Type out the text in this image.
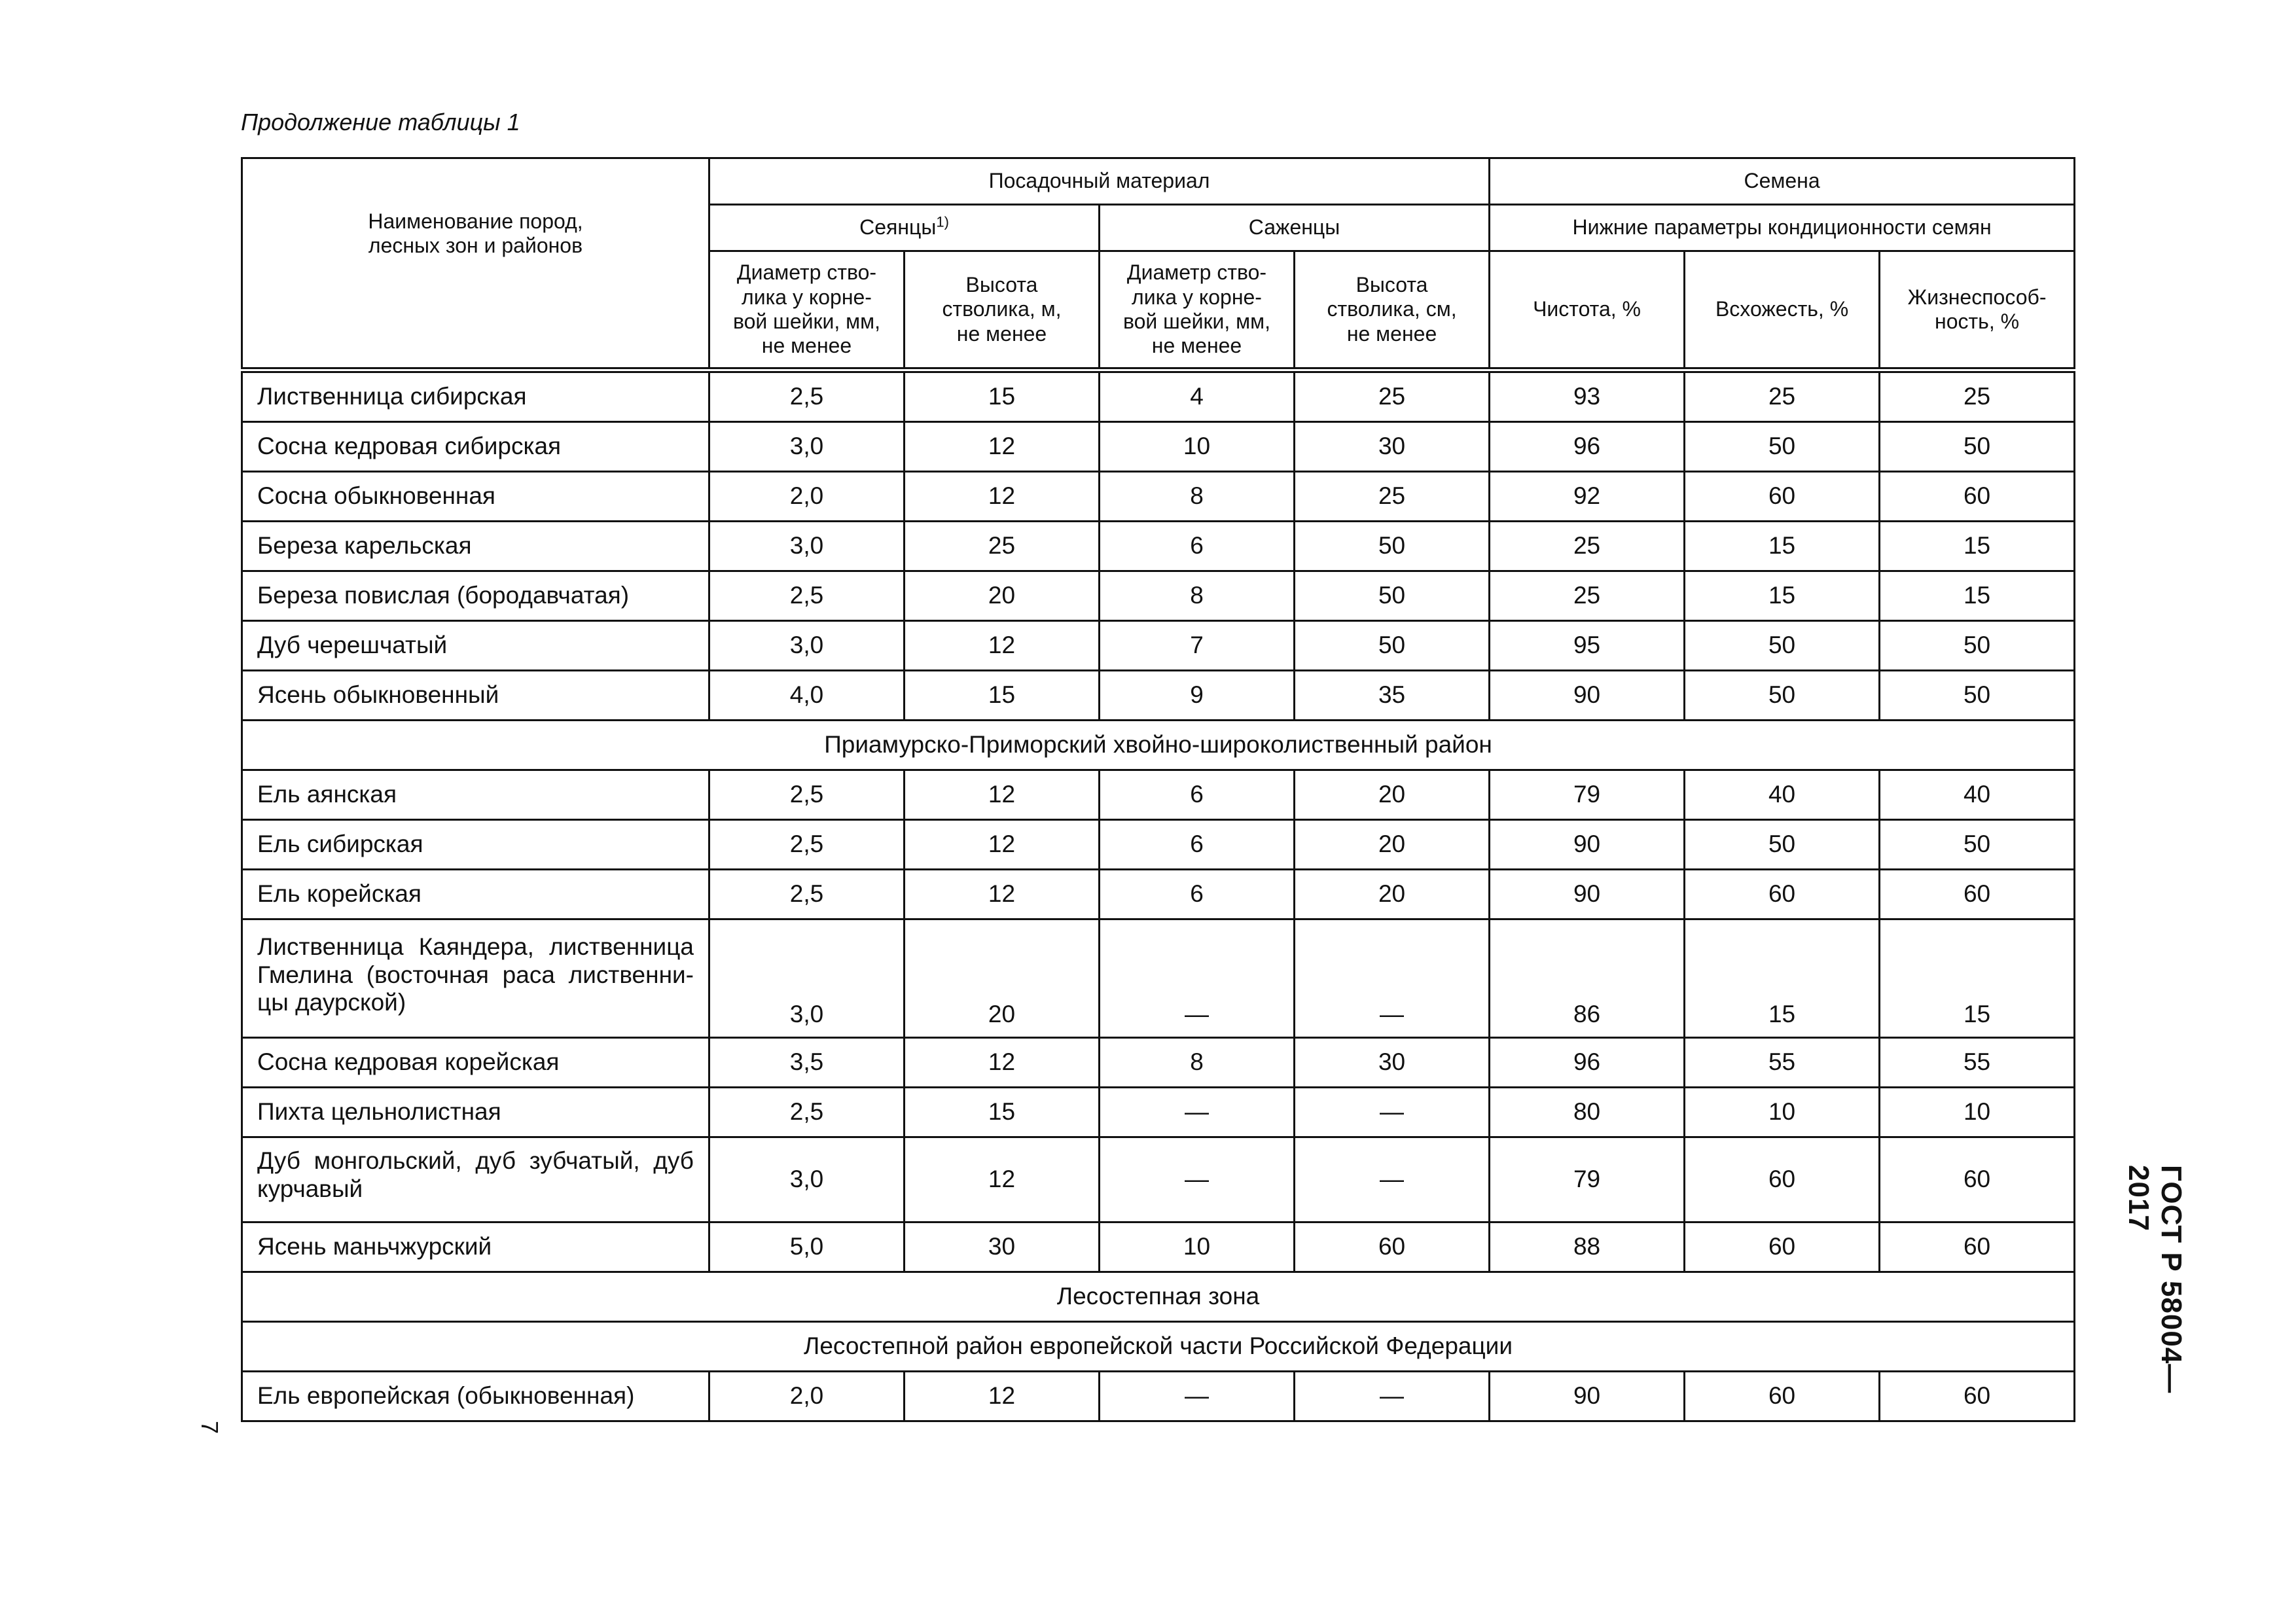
Продолжение таблицы 1
Наименование пород, лесных зон и районов	Посадочный материал				Семена		
	Сеянцы$^{1)}$		Саженцы		Нижние параметры кондиционности семян		
	Диаметр ство-лика у корне-вой шейки, мм, не менее	Высота стволика, м, не менее	Диаметр ство-лика у корне-вой шейки, мм, не менее	Высота стволика, см, не менее	Чистота, %	Всхожесть, %	Жизнеспособ-ность, %
Лиственница сибирская	2,5	15	4	25	93	25	25
Сосна кедровая сибирская	3,0	12	10	30	96	50	50
Сосна обыкновенная	2,0	12	8	25	92	60	60
Береза карельская	3,0	25	6	50	25	15	15
Береза повислая (бородавчатая)	2,5	20	8	50	25	15	15
Дуб черешчатый	3,0	12	7	50	95	50	50
Ясень обыкновенный	4,0	15	9	35	90	50	50
Приамурско-Приморский хвойно-широколиственный район							
Ель аянская	2,5	12	6	20	79	40	40
Ель сибирская	2,5	12	6	20	90	50	50
Ель корейская	2,5	12	6	20	90	60	60
Лиственница Каяндера, лиственница Гмелина (восточная раса лиственни-цы даурской)	3,0	20	—	—	86	15	15
Сосна кедровая корейская	3,5	12	8	30	96	55	55
Пихта цельнолистная	2,5	15	—	—	80	10	10
Дуб монгольский, дуб зубчатый, дуб курчавый	3,0	12	—	—	79	60	60
Ясень маньчжурский	5,0	30	10	60	88	60	60
Лесостепная зона							
Лесостепной район европейской части Российской Федерации							
Ель европейская (обыкновенная)	2,0	12	—	—	90	60	60
ГОСТ Р 58004—2017
7
